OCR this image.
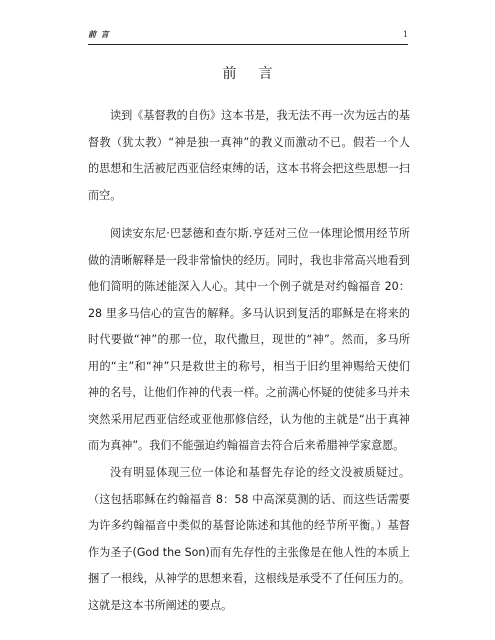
前 言	1
前言

读到《基督教的自伤》这本书是，我无法不再一次为远古的基督教（犹太教）“神是独一真神”的教义而激动不已。假若一个人的思想和生活被尼西亚信经束缚的话，这本书将会把这些思想一扫而空。

阅读安东尼·巴瑟德和查尔斯.亨廷对三位一体理论惯用经节所做的清晰解释是一段非常愉快的经历。同时，我也非常高兴地看到他们简明的陈述能深入人心。其中一个例子就是对约翰福音 20：28 里多马信心的宣告的解释。多马认识到复活的耶稣是在将来的时代要做“神”的那一位，取代撒旦，现世的“神”。然而，多马所用的“主”和“神”只是救世主的称号，相当于旧约里神赐给天使们神的名号，让他们作神的代表一样。之前满心怀疑的使徒多马并未突然采用尼西亚信经或亚他那修信经，认为他的主就是“出于真神而为真神”。我们不能强迫约翰福音去符合后来希腊神学家意愿。

没有明显体现三位一体论和基督先存论的经文没被质疑过。（这包括耶稣在约翰福音 8：58 中高深莫测的话、而这些话需要为许多约翰福音中类似的基督论陈述和其他的经节所平衡。）基督作为圣子(God the Son)而有先存性的主张像是在他人性的本质上捆了一根线，从神学的思想来看，这根线是承受不了任何压力的。这就是这本书所阐述的要点。
